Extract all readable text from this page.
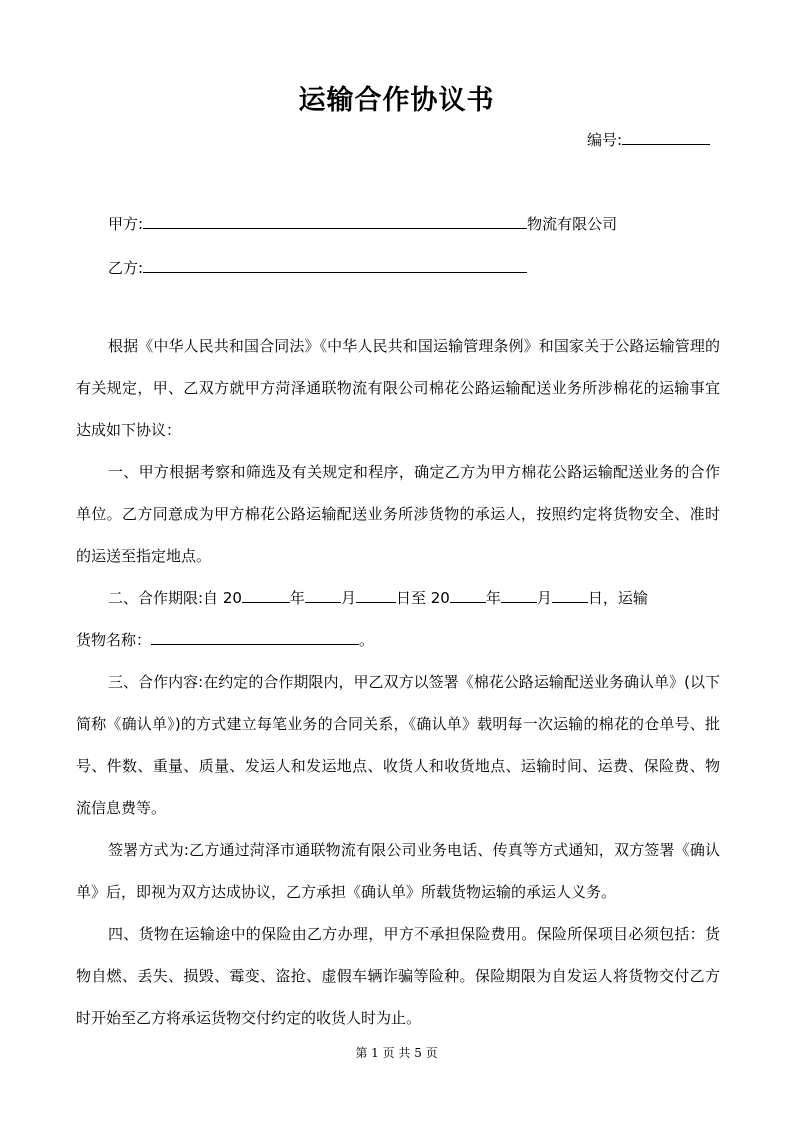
运输合作协议书
编号:
甲方:	物流有限公司
乙方:

根据《中华人民共和国合同法》《中华人民共和国运输管理条例》和国家关于公路运输管理的有关规定，甲、乙双方就甲方菏泽通联物流有限公司棉花公路运输配送业务所涉棉花的运输事宜达成如下协议：

一、甲方根据考察和筛选及有关规定和程序，确定乙方为甲方棉花公路运输配送业务的合作单位。乙方同意成为甲方棉花公路运输配送业务所涉货物的承运人，按照约定将货物安全、准时的运送至指定地点。

二、合作期限:自 20	年 月	日至 20 年 月 日，运输
货物名称：	。

三、合作内容:在约定的合作期限内，甲乙双方以签署《棉花公路运输配送业务确认单》(以下简称《确认单》)的方式建立每笔业务的合同关系，《确认单》载明每一次运输的棉花的仓单号、批号、件数、重量、质量、发运人和发运地点、收货人和收货地点、运输时间、运费、保险费、物流信息费等。

签署方式为:乙方通过菏泽市通联物流有限公司业务电话、传真等方式通知，双方签署《确认单》后，即视为双方达成协议，乙方承担《确认单》所载货物运输的承运人义务。

四、货物在运输途中的保险由乙方办理，甲方不承担保险费用。保险所保项目必须包括：货物自燃、丢失、损毁、霉变、盗抢、虚假车辆诈骗等险种。保险期限为自发运人将货物交付乙方时开始至乙方将承运货物交付约定的收货人时为止。

第 1 页 共 5 页
